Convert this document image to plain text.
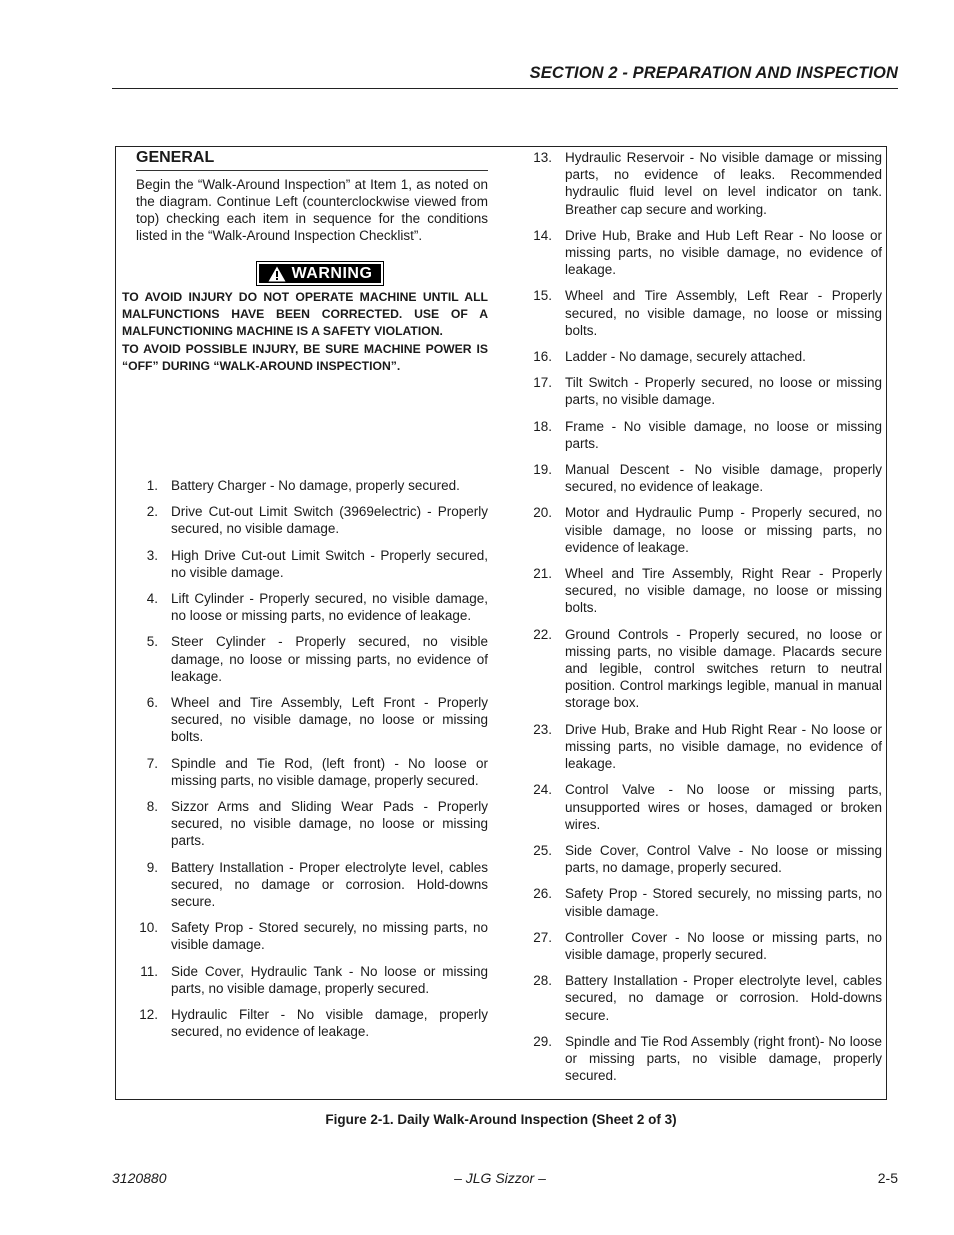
SECTION 2 - PREPARATION AND INSPECTION
GENERAL
Begin the “Walk-Around Inspection” at Item 1, as noted on the diagram. Continue Left (counterclockwise viewed from top) checking each item in sequence for the conditions listed in the “Walk-Around Inspection Checklist”.
WARNING

TO AVOID INJURY DO NOT OPERATE MACHINE UNTIL ALL MALFUNCTIONS HAVE BEEN CORRECTED. USE OF A MALFUNCTIONING MACHINE IS A SAFETY VIOLATION.

TO AVOID POSSIBLE INJURY, BE SURE MACHINE POWER IS “OFF” DURING “WALK-AROUND INSPECTION”.

1. Battery Charger - No damage, properly secured.
2. Drive Cut-out Limit Switch (3969electric) - Properly secured, no visible damage.
3. High Drive Cut-out Limit Switch - Properly secured, no visible damage.
4. Lift Cylinder - Properly secured, no visible damage, no loose or missing parts, no evidence of leakage.
5. Steer Cylinder - Properly secured, no visible damage, no loose or missing parts, no evidence of leakage.
6. Wheel and Tire Assembly, Left Front - Properly secured, no visible damage, no loose or missing bolts.
7. Spindle and Tie Rod, (left front) - No loose or missing parts, no visible damage, properly secured.
8. Sizzor Arms and Sliding Wear Pads - Properly secured, no visible damage, no loose or missing parts.
9. Battery Installation - Proper electrolyte level, cables secured, no damage or corrosion. Hold-downs secure.
10. Safety Prop - Stored securely, no missing parts, no visible damage.
11. Side Cover, Hydraulic Tank - No loose or missing parts, no visible damage, properly secured.
12. Hydraulic Filter - No visible damage, properly secured, no evidence of leakage.
13. Hydraulic Reservoir - No visible damage or missing parts, no evidence of leaks. Recommended hydraulic fluid level on level indicator on tank. Breather cap secure and working.
14. Drive Hub, Brake and Hub Left Rear - No loose or missing parts, no visible damage, no evidence of leakage.
15. Wheel and Tire Assembly, Left Rear - Properly secured, no visible damage, no loose or missing bolts.
16. Ladder - No damage, securely attached.
17. Tilt Switch - Properly secured, no loose or missing parts, no visible damage.
18. Frame - No visible damage, no loose or missing parts.
19. Manual Descent - No visible damage, properly secured, no evidence of leakage.
20. Motor and Hydraulic Pump - Properly secured, no visible damage, no loose or missing parts, no evidence of leakage.
21. Wheel and Tire Assembly, Right Rear - Properly secured, no visible damage, no loose or missing bolts.
22. Ground Controls - Properly secured, no loose or missing parts, no visible damage. Placards secure and legible, control switches return to neutral position. Control markings legible, manual in manual storage box.
23. Drive Hub, Brake and Hub Right Rear - No loose or missing parts, no visible damage, no evidence of leakage.
24. Control Valve - No loose or missing parts, unsupported wires or hoses, damaged or broken wires.
25. Side Cover, Control Valve - No loose or missing parts, no damage, properly secured.
26. Safety Prop - Stored securely, no missing parts, no visible damage.
27. Controller Cover - No loose or missing parts, no visible damage, properly secured.
28. Battery Installation - Proper electrolyte level, cables secured, no damage or corrosion. Hold-downs secure.
29. Spindle and Tie Rod Assembly (right front)- No loose or missing parts, no visible damage, properly secured.
Figure 2-1. Daily Walk-Around Inspection (Sheet 2 of 3)
3120880	– JLG Sizzor –	2-5
